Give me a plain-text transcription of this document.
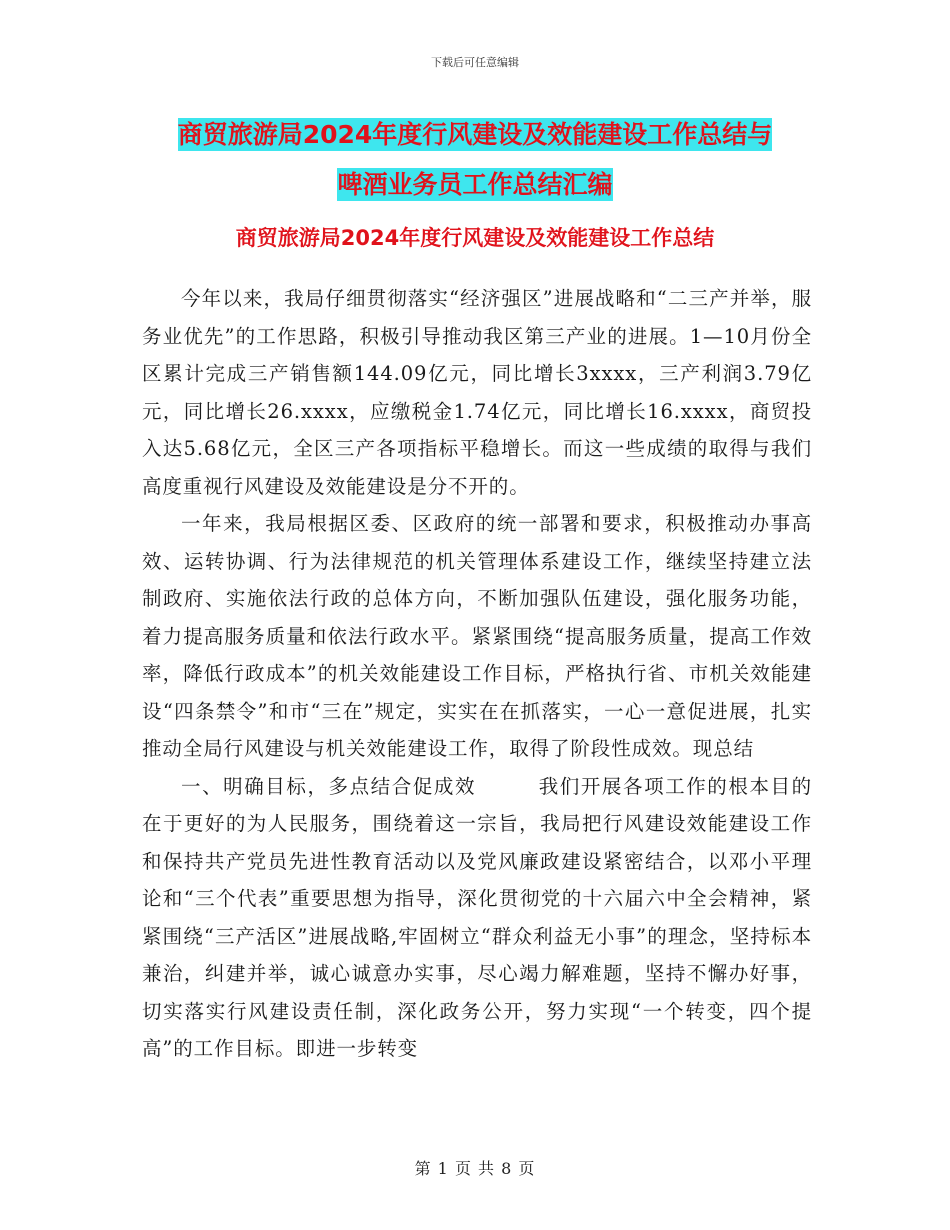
下载后可任意编辑
商贸旅游局2024年度行风建设及效能建设工作总结与
啤酒业务员工作总结汇编
商贸旅游局2024年度行风建设及效能建设工作总结

今年以来，我局仔细贯彻落实“经济强区”进展战略和“二三产并举，服务业优先”的工作思路，积极引导推动我区第三产业的进展。1—10月份全区累计完成三产销售额144.09亿元，同比增长3xxxx，三产利润3.79亿元，同比增长26.xxxx，应缴税金1.74亿元，同比增长16.xxxx，商贸投入达5.68亿元，全区三产各项指标平稳增长。而这一些成绩的取得与我们高度重视行风建设及效能建设是分不开的。

一年来，我局根据区委、区政府的统一部署和要求，积极推动办事高效、运转协调、行为法律规范的机关管理体系建设工作，继续坚持建立法制政府、实施依法行政的总体方向，不断加强队伍建设，强化服务功能，着力提高服务质量和依法行政水平。紧紧围绕“提高服务质量，提高工作效率，降低行政成本”的机关效能建设工作目标，严格执行省、市机关效能建设“四条禁令”和市“三在”规定，实实在在抓落实，一心一意促进展，扎实推动全局行风建设与机关效能建设工作，取得了阶段性成效。现总结

一、明确目标，多点结合促成效	我们开展各项工作的根本目的在于更好的为人民服务，围绕着这一宗旨，我局把行风建设效能建设工作和保持共产党员先进性教育活动以及党风廉政建设紧密结合，以邓小平理论和“三个代表”重要思想为指导，深化贯彻党的十六届六中全会精神，紧紧围绕“三产活区”进展战略,牢固树立“群众利益无小事”的理念，坚持标本兼治，纠建并举，诚心诚意办实事，尽心竭力解难题，坚持不懈办好事，切实落实行风建设责任制，深化政务公开，努力实现“一个转变，四个提高”的工作目标。即进一步转变

第 1 页 共 8 页
